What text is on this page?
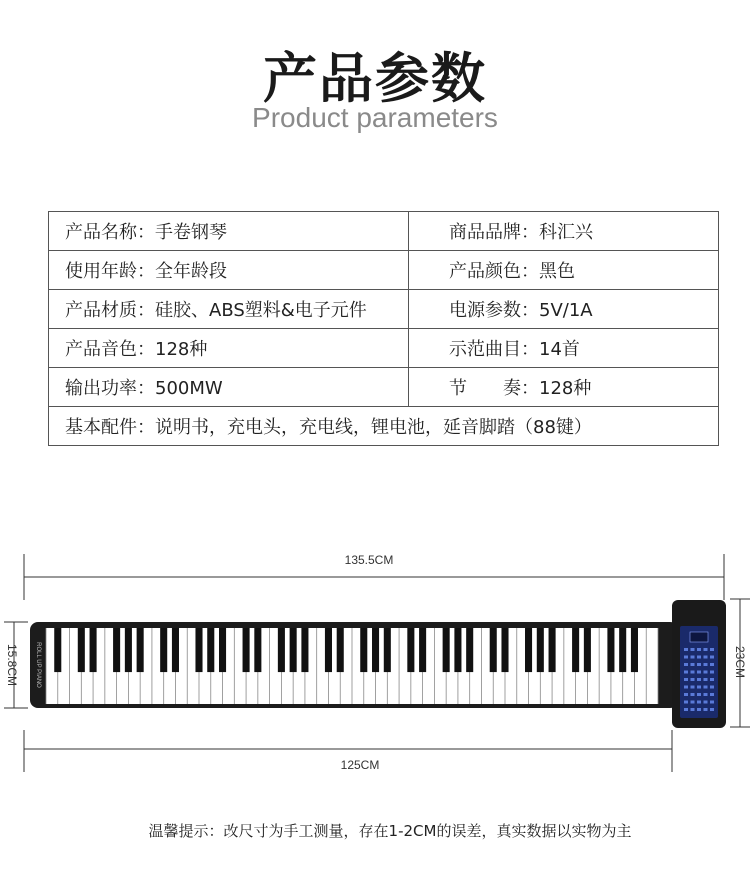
产品参数
Product parameters
产品名称：手卷钢琴	商品品牌：科汇兴
使用年龄：全年龄段	产品颜色：黑色
产品材质：硅胶、ABS塑料&电子元件	电源参数：5V/1A
产品音色：128种	示范曲目：14首
输出功率：500MW	节　　奏：128种
基本配件：说明书，充电头，充电线，锂电池，延音脚踏（88键）	
ROLL UP PIANO
135.5CM
125CM
15.8CM	23CM
温馨提示：改尺寸为手工测量，存在1-2CM的误差，真实数据以实物为主
